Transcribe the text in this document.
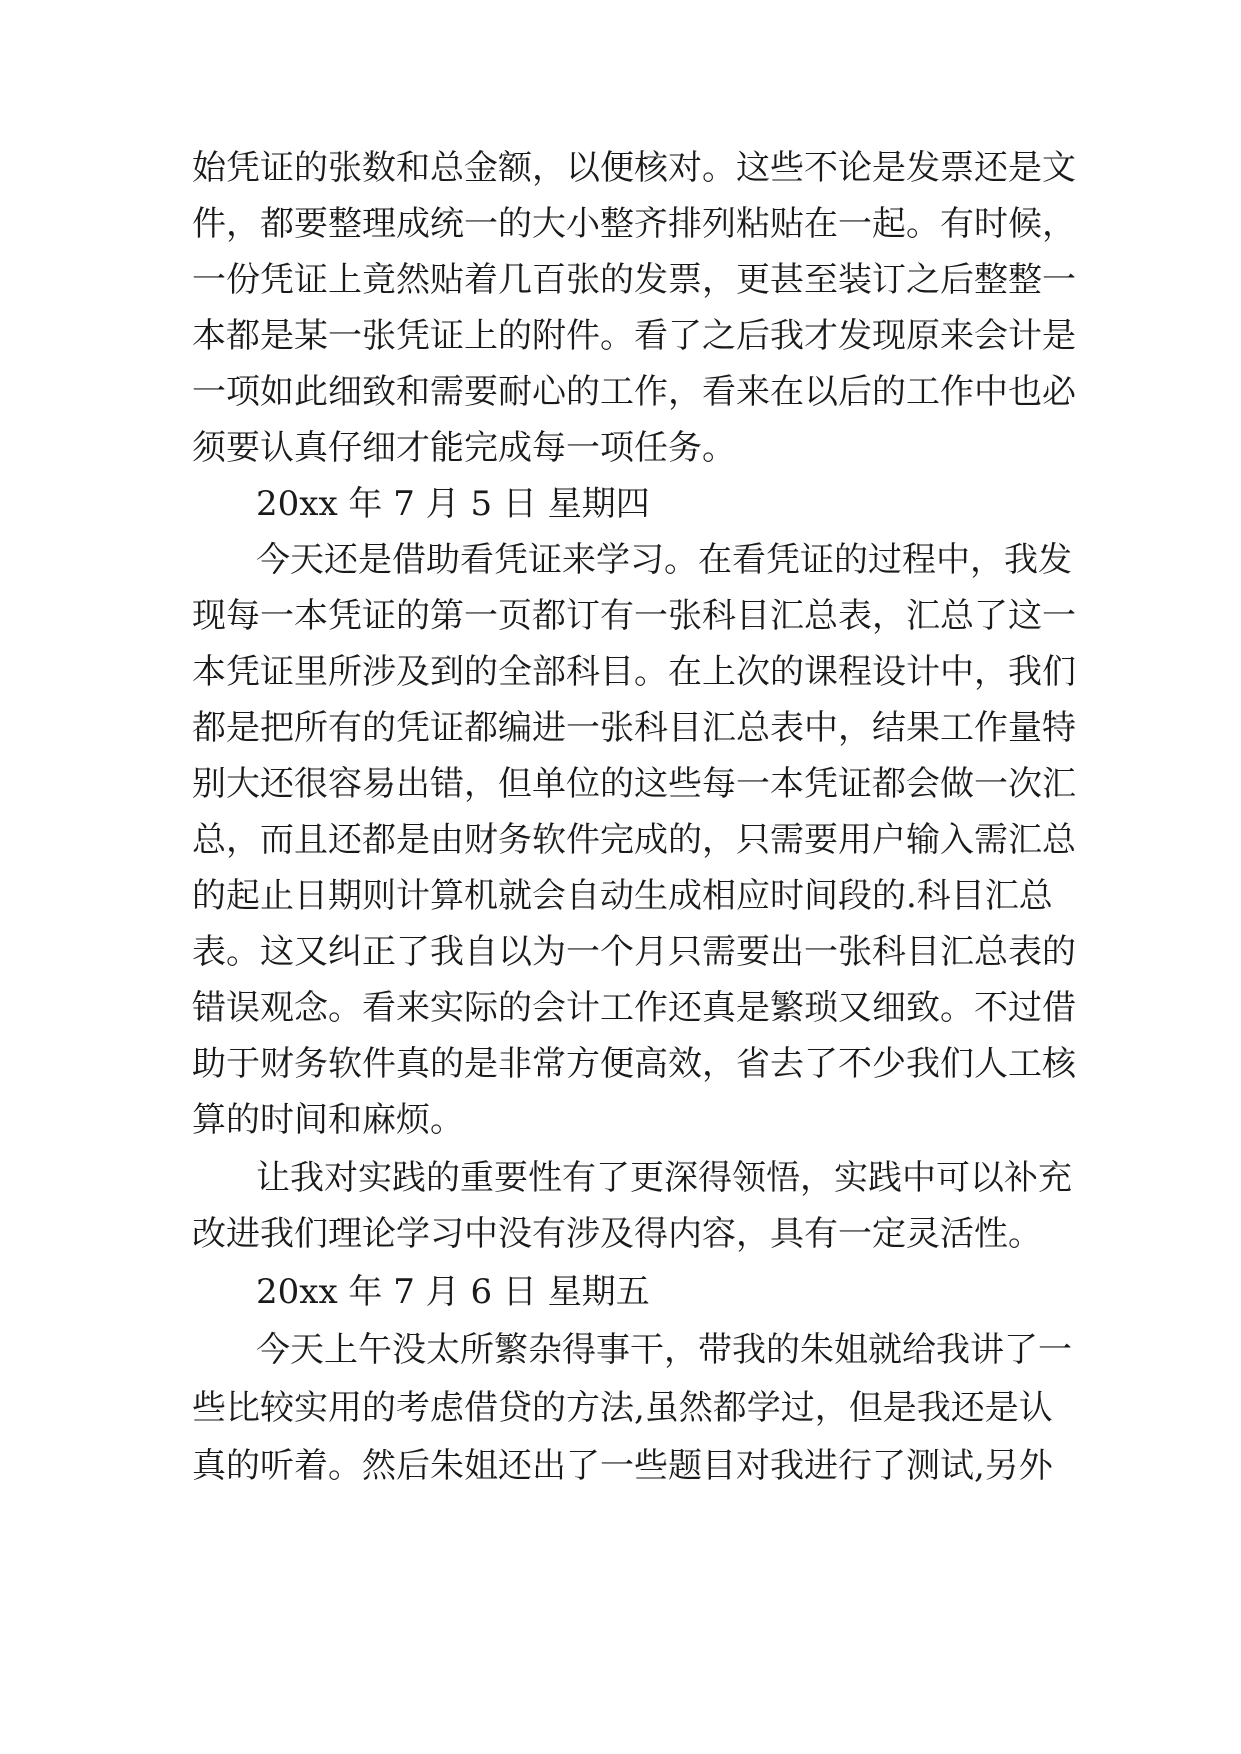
始凭证的张数和总金额，以便核对。这些不论是发票还是文
件，都要整理成统一的大小整齐排列粘贴在一起。有时候，
一份凭证上竟然贴着几百张的发票，更甚至装订之后整整一
本都是某一张凭证上的附件。看了之后我才发现原来会计是
一项如此细致和需要耐心的工作，看来在以后的工作中也必
须要认真仔细才能完成每一项任务。
20xx 年 7 月 5 日 星期四
今天还是借助看凭证来学习。在看凭证的过程中，我发
现每一本凭证的第一页都订有一张科目汇总表，汇总了这一
本凭证里所涉及到的全部科目。在上次的课程设计中，我们
都是把所有的凭证都编进一张科目汇总表中，结果工作量特
别大还很容易出错，但单位的这些每一本凭证都会做一次汇
总，而且还都是由财务软件完成的，只需要用户输入需汇总
的起止日期则计算机就会自动生成相应时间段的.科目汇总
表。这又纠正了我自以为一个月只需要出一张科目汇总表的
错误观念。看来实际的会计工作还真是繁琐又细致。不过借
助于财务软件真的是非常方便高效，省去了不少我们人工核
算的时间和麻烦。
让我对实践的重要性有了更深得领悟，实践中可以补充
改进我们理论学习中没有涉及得内容，具有一定灵活性。
20xx 年 7 月 6 日 星期五
今天上午没太所繁杂得事干，带我的朱姐就给我讲了一
些比较实用的考虑借贷的方法,虽然都学过，但是我还是认
真的听着。然后朱姐还出了一些题目对我进行了测试,另外
